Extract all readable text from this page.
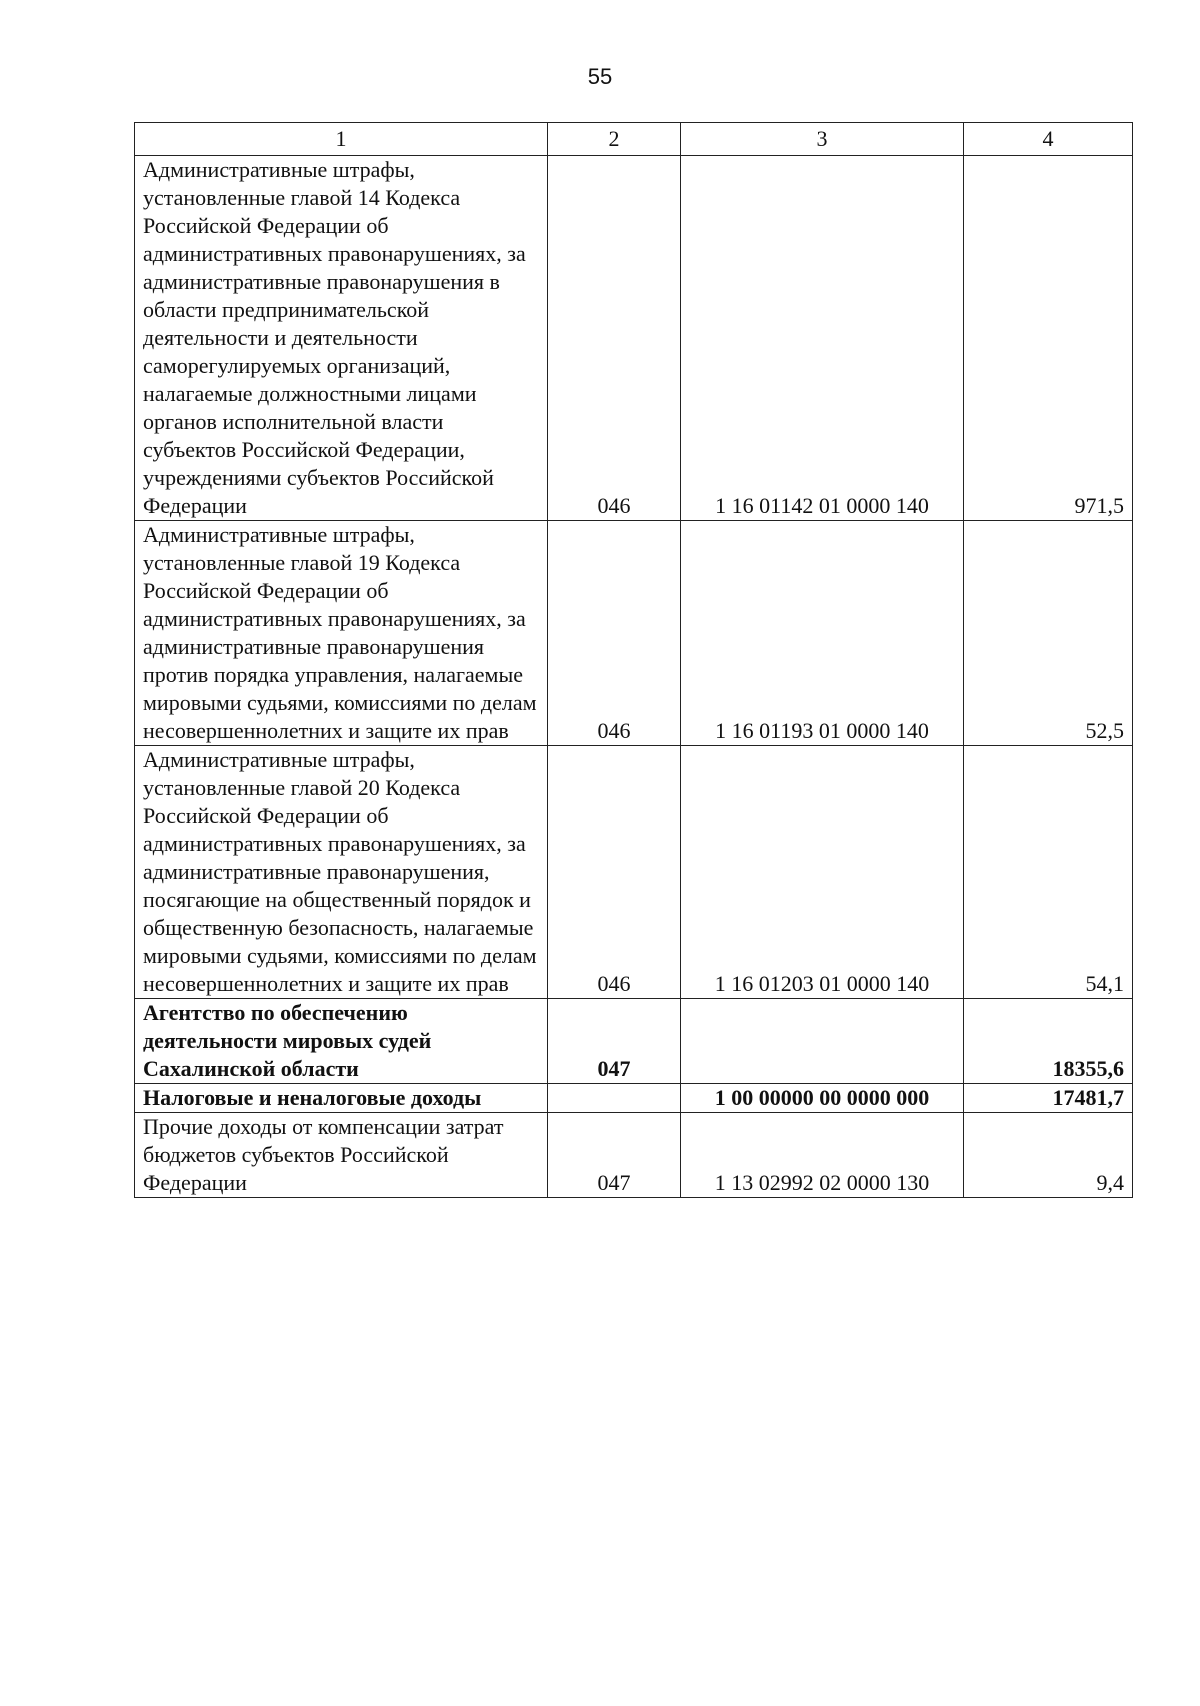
55
1	2	3	4
Административные штрафы, установленные главой 14 Кодекса Российской Федерации об административных правонарушениях, за административные правонарушения в области предпринимательской деятельности и деятельности саморегулируемых организаций, налагаемые должностными лицами органов исполнительной власти субъектов Российской Федерации, учреждениями субъектов Российской Федерации	046	1 16 01142 01 0000 140	971,5
Административные штрафы, установленные главой 19 Кодекса Российской Федерации об административных правонарушениях, за административные правонарушения против порядка управления, налагаемые мировыми судьями, комиссиями по делам несовершеннолетних и защите их прав	046	1 16 01193 01 0000 140	52,5
Административные штрафы, установленные главой 20 Кодекса Российской Федерации об административных правонарушениях, за административные правонарушения, посягающие на общественный порядок и общественную безопасность, налагаемые мировыми судьями, комиссиями по делам несовершеннолетних и защите их прав	046	1 16 01203 01 0000 140	54,1
Агентство по обеспечению деятельности мировых судей Сахалинской области	047		18355,6
Налоговые и неналоговые доходы		1 00 00000 00 0000 000	17481,7
Прочие доходы от компенсации затрат бюджетов субъектов Российской Федерации	047	1 13 02992 02 0000 130	9,4
